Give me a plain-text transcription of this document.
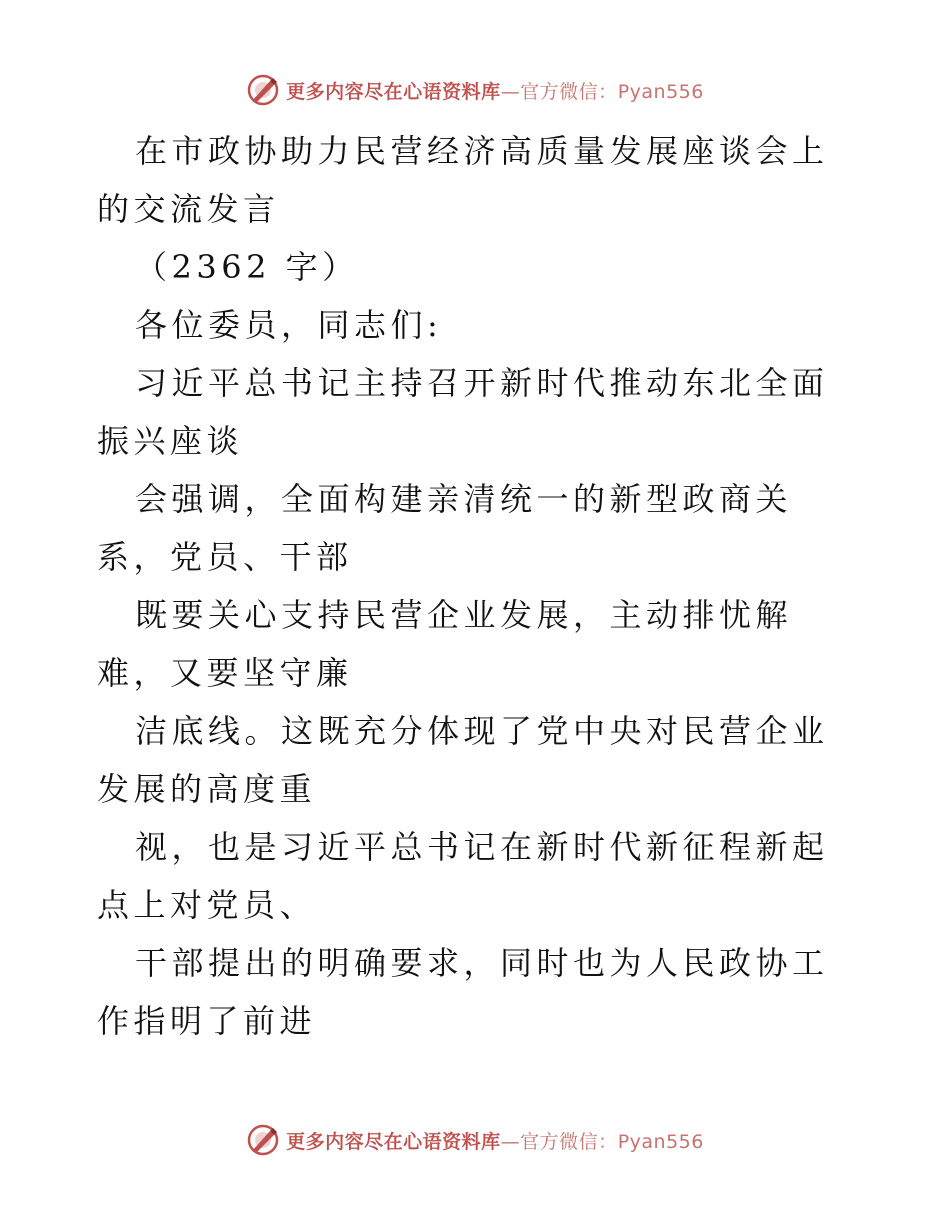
更多内容尽在心语资料库—官方微信：Pyan556

在市政协助力民营经济高质量发展座谈会上的交流发言

（2362 字）

各位委员，同志们:

习近平总书记主持召开新时代推动东北全面振兴座谈

会强调，全面构建亲清统一的新型政商关系，党员、干部

既要关心支持民营企业发展，主动排忧解难，又要坚守廉

洁底线。这既充分体现了党中央对民营企业发展的高度重

视，也是习近平总书记在新时代新征程新起点上对党员、

干部提出的明确要求，同时也为人民政协工作指明了前进

更多内容尽在心语资料库—官方微信：Pyan556
